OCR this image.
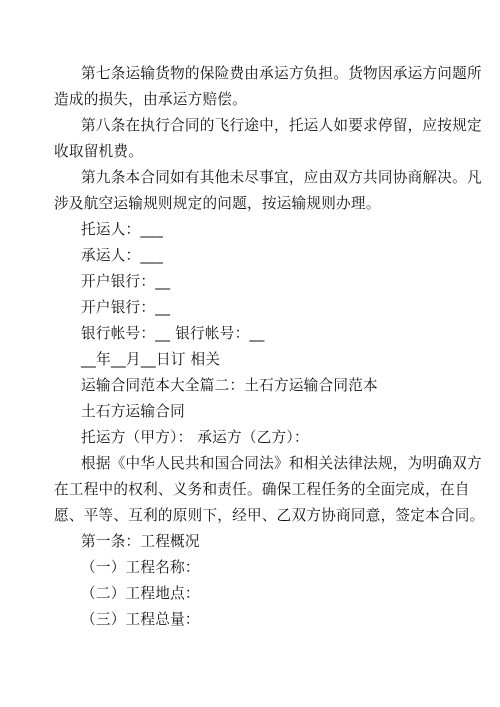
第七条运输货物的保险费由承运方负担。货物因承运方问题所
造成的损失，由承运方赔偿。
第八条在执行合同的飞行途中，托运人如要求停留，应按规定
收取留机费。
第九条本合同如有其他未尽事宜，应由双方共同协商解决。凡
涉及航空运输规则规定的问题，按运输规则办理。
托运人：___
承运人：___
开户银行：__
开户银行：__
银行帐号：__ 银行帐号：__
__年__月__日订 相关
运输合同范本大全篇二：土石方运输合同范本
土石方运输合同
托运方（甲方）： 承运方（乙方）：
根据《中华人民共和国合同法》和相关法律法规，为明确双方
在工程中的权利、义务和责任。确保工程任务的全面完成，在自
愿、平等、互利的原则下，经甲、乙双方协商同意，签定本合同。
第一条：工程概况
（一）工程名称：
（二）工程地点：
（三）工程总量：
